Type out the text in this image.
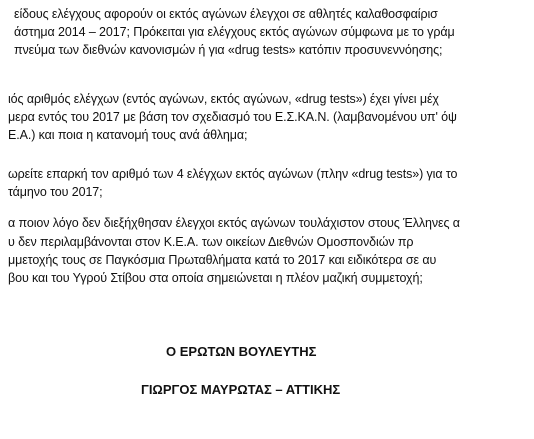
είδους ελέγχους αφορούν οι εκτός αγώνων έλεγχοι σε αθλητές καλαθοσφαίρισ
άστημα 2014 – 2017; Πρόκειται για ελέγχους εκτός αγώνων σύμφωνα με το γράμ
πνεύμα των διεθνών κανονισμών ή για «drug tests» κατόπιν προσυνεννόησης;
ιός αριθμός ελέγχων (εντός αγώνων, εκτός αγώνων, «drug tests») έχει γίνει μέχ
μερα εντός του 2017 με βάση τον σχεδιασμό του Ε.Σ.ΚΑ.Ν. (λαμβανομένου υπ' όψ
Ε.Α.) και ποια η κατανομή τους ανά άθλημα;
ωρείτε επαρκή τον αριθμό των 4 ελέγχων εκτός αγώνων (πλην «drug tests») για το
τάμηνο του 2017;
α ποιον λόγο δεν διεξήχθησαν έλεγχοι εκτός αγώνων τουλάχιστον στους Έλληνες α
υ δεν περιλαμβάνονται στον Κ.Ε.Α. των οικείων Διεθνών Ομοσπονδιών πρ
μμετοχής τους σε Παγκόσμια Πρωταθλήματα κατά το 2017 και ειδικότερα σε αυ
βου και του Υγρού Στίβου στα οποία σημειώνεται η πλέον μαζική συμμετοχή;
Ο ΕΡΩΤΩΝ ΒΟΥΛΕΥΤΗΣ
ΓΙΩΡΓΟΣ ΜΑΥΡΩΤΑΣ – ΑΤΤΙΚΗΣ
